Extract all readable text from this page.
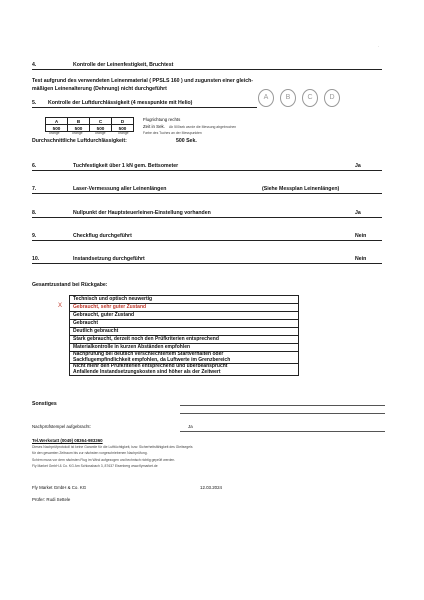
·
4.	Kontrolle der Leinenfestigkeit, Bruchtest
Test aufgrund des verwendeten Leinenmaterial ( PPSLS 160 ) und zugunsten einer gleich-
mäßigen Leinenalterung (Dehnung) nicht durchgeführt
A	B	C	D
5. Kontrolle der Luftdurchlässigkeit (4 messpunkte mit Helio)
A	B	C	D
500	500	500	500
Flugrichtung rechts
Zeit in Sek. Ab 500sek wurde die Messung abgebrochen
Farbe des Tuches an der Messpunkten
orange	orange	orange	orange
Durchschnittliche Luftdurchlässigkeit:	500 Sek.
6.	Tuchfestigkeit über 1 kN gem. Bettsometer	Ja
7.	Laser-Vermessung aller Leinenlängen	(Siehe Messplan Leinenlängen)
8.	Nullpunkt der Hauptsteuerleinen-Einstellung vorhanden	Ja
9.	Checkflug durchgeführt	Nein
10.	Instandsetzung durchgeführt	Nein
Gesamtzustand bei Rückgabe:
X
Technisch und optisch neuwertig
Gebraucht, sehr guter Zustand
Gebraucht, guter Zustand
Gebraucht
Deutlich gebraucht
Stark gebraucht, derzeit noch den Prüfkriterien entsprechend
Materialkontrolle in kurzen Abständen empfohlen
Nachprüfung bei deutlich verschlechtertem Startverhalten oder
Sackflugempfindlichkeit empfohlen, da Luftwerte im Grenzbereich
Nicht mehr den Prüfkriterien entsprechend und überbeansprucht
Anfallende Instandsetzungskosten sind höher als der Zeitwert
Sonstiges
Nachprüfstempel aufgebracht:	Ja
Tel.Werkstatt (0049) 08364-983360
Dieses Nachprüfprotokoll ist keine Garantie für die Lufttüchtigkeit, bzw. Sicherheitsfähigkeit des Gleitsegels
für den gesamten Zeitraum bis zur nächsten vorgeschriebenen Nachprüfung.
Schirm muss vor dem nächsten Flug im Wind aufgezogen und technisch richtig geprüft werden.
Fly Market GmbH & Co. KG Am Schlossbach 3, 87637 Eisenberg www.flymarket.de
Fly Market GmbH & Co. KG	12.03.2024
Prüfer: Rudi Settele
